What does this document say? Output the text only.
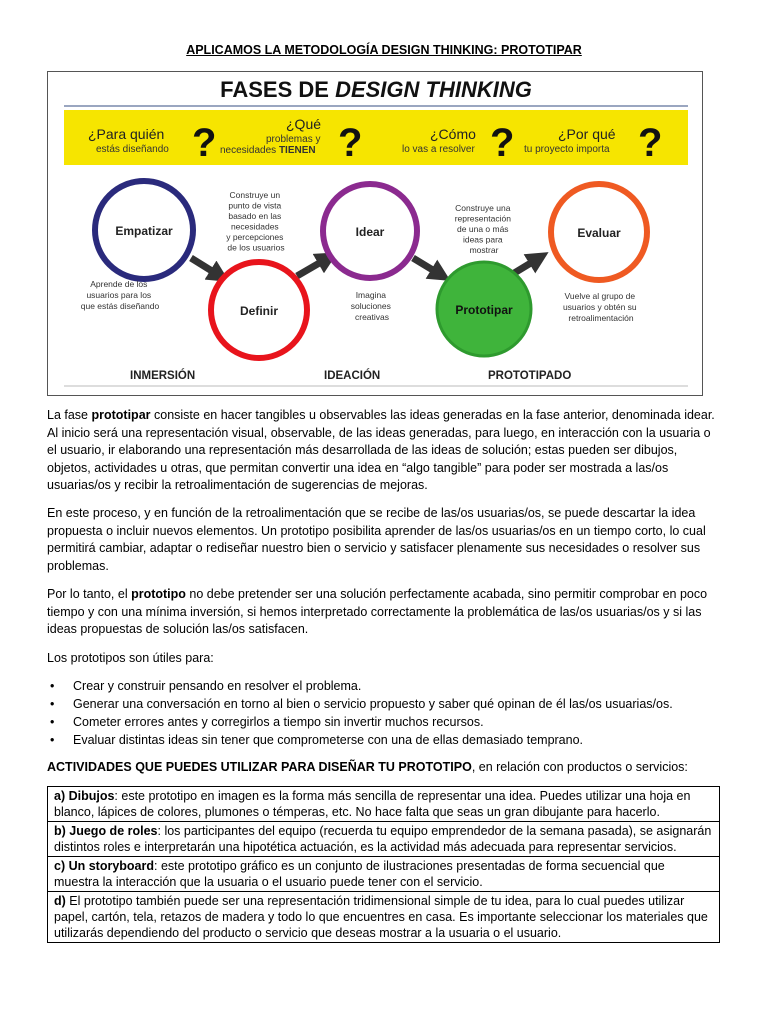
APLICAMOS LA METODOLOGÍA DESIGN THINKING: PROTOTIPAR
FASES DE DESIGN THINKING
¿Para quién
estás diseñando ?	¿Qué
problemas y
necesidades TIENEN ?	¿Cómo
lo vas a resolver ?	¿Por qué
tu proyecto importa ?
Empatizar
Definir
Idear
Prototipar
Evaluar
Aprende de los usuarios para los que estás diseñando
Construye un punto de vista basado en las necesidades y percepciones de los usuarios
Imagina soluciones creativas
Construye una representación de una o más ideas para mostrar
Vuelve al grupo de usuarios y obtén su retroalimentación
INMERSIÓN	IDEACIÓN	PROTOTIPADO
La fase prototipar consiste en hacer tangibles u observables las ideas generadas en la fase anterior, denominada idear. Al inicio será una representación visual, observable, de las ideas generadas, para luego, en interacción con la usuaria o el usuario, ir elaborando una representación más desarrollada de las ideas de solución; estas pueden ser dibujos, objetos, actividades u otras, que permitan convertir una idea en “algo tangible” para poder ser mostrada a las/os usuarias/os y recibir la retroalimentación de sugerencias de mejoras.
En este proceso, y en función de la retroalimentación que se recibe de las/os usuarias/os, se puede descartar la idea propuesta o incluir nuevos elementos. Un prototipo posibilita aprender de las/os usuarias/os en un tiempo corto, lo cual permitirá cambiar, adaptar o rediseñar nuestro bien o servicio y satisfacer plenamente sus necesidades o resolver sus problemas.
Por lo tanto, el prototipo no debe pretender ser una solución perfectamente acabada, sino permitir comprobar en poco tiempo y con una mínima inversión, si hemos interpretado correctamente la problemática de las/os usuarias/os y si las ideas propuestas de solución las/os satisfacen.
Los prototipos son útiles para:
• Crear y construir pensando en resolver el problema.
• Generar una conversación en torno al bien o servicio propuesto y saber qué opinan de él las/os usuarias/os.
• Cometer errores antes y corregirlos a tiempo sin invertir muchos recursos.
• Evaluar distintas ideas sin tener que comprometerse con una de ellas demasiado temprano.
ACTIVIDADES QUE PUEDES UTILIZAR PARA DISEÑAR TU PROTOTIPO, en relación con productos o servicios:
a) Dibujos: este prototipo en imagen es la forma más sencilla de representar una idea. Puedes utilizar una hoja en blanco, lápices de colores, plumones o témperas, etc. No hace falta que seas un gran dibujante para hacerlo.
b) Juego de roles: los participantes del equipo (recuerda tu equipo emprendedor de la semana pasada), se asignarán distintos roles e interpretarán una hipotética actuación, es la actividad más adecuada para representar servicios.
c) Un storyboard: este prototipo gráfico es un conjunto de ilustraciones presentadas de forma secuencial que muestra la interacción que la usuaria o el usuario puede tener con el servicio.
d) El prototipo también puede ser una representación tridimensional simple de tu idea, para lo cual puedes utilizar papel, cartón, tela, retazos de madera y todo lo que encuentres en casa. Es importante seleccionar los materiales que utilizarás dependiendo del producto o servicio que deseas mostrar a la usuaria o el usuario.
